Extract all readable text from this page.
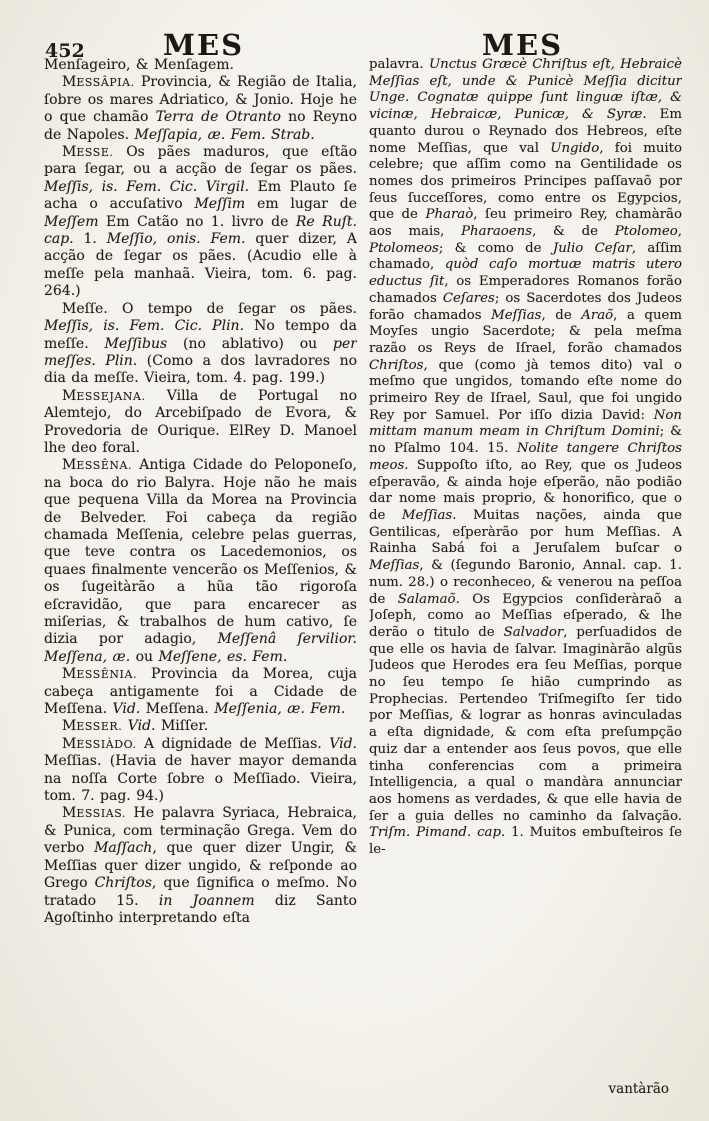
MES	MES
452

Menſageiro, & Menſagem.

MESSÂPIA. Provincia, & Região de Italia, ſobre os mares Adriatico, & Jonio. Hoje he o que chamão Terra de Otranto no Reyno de Napoles. Meſſapia, æ. Fem. Strab.

MESSE. Os pães maduros, que eſtão para ſegar, ou a acção de ſegar os pães. Meſſis, is. Fem. Cic. Virgil. Em Plauto ſe acha o accuſativo Meſſim em lugar de Meſſem Em Catão no 1. livro de Re Ruſt. cap. 1. Meſſio, onis. Fem. quer dizer, A acção de ſegar os pães. (Acudio elle à meſſe pela manhaã. Vieira, tom. 6. pag. 264.)

Meſſe. O tempo de ſegar os pães. Meſſis, is. Fem. Cic. Plin. No tempo da meſſe. Meſſibus (no ablativo) ou per meſſes. Plin. (Como a dos lavradores no dia da meſſe. Vieira, tom. 4. pag. 199.)

MESSEJANA. Villa de Portugal no Alemtejo, do Arcebiſpado de Evora, & Provedoria de Ourique. ElRey D. Manoel lhe deo foral.

MESSÊNA. Antiga Cidade do Peloponeſo, na boca do rio Balyra. Hoje não he mais que pequena Villa da Morea na Provincia de Belveder. Foi cabeça da região chamada Meſſenia, celebre pelas guerras, que teve contra os Lacedemonios, os quaes finalmente vencerão os Meſſenios, & os ſugeitàrão a hũa tão rigoroſa eſcravidão, que para encarecer as miſerias, & trabalhos de hum cativo, ſe dizia por adagio, Meſſenâ ſervilior. Meſſena, æ. ou Meſſene, es. Fem.

MESSÊNIA. Provincia da Morea, cuja cabeça antigamente foi a Cidade de Meſſena. Vid. Meſſena. Meſſenia, æ. Fem.

MESSER. Vid. Miſſer.

MESSIÀDO. A dignidade de Meſſias. Vid. Meſſias. (Havia de haver mayor demanda na noſſa Corte ſobre o Meſſiado. Vieira, tom. 7. pag. 94.)

MESSIAS. He palavra Syriaca, Hebraica, & Punica, com terminação Grega. Vem do verbo Maſſach, que quer dizer Ungir, & Meſſias quer dizer ungido, & reſponde ao Grego Chriſtos, que ſignifica o meſmo. No tratado 15. in Joannem diz Santo Agoſtinho interpretando eſta

palavra. Unctus Græcè Chriſtus eſt, Hebraicè Meſſias eſt, unde & Punicè Meſſia dicitur Unge. Cognatæ quippe ſunt linguæ iſtæ, & vicinæ, Hebraicæ, Punicæ, & Syræ. Em quanto durou o Reynado dos Hebreos, eſte nome Meſſias, que val Ungido, foi muito celebre; que aſſim como na Gentilidade os nomes dos primeiros Principes paſſavaõ por ſeus ſucceſſores, como entre os Egypcios, que de Pharaò, ſeu primeiro Rey, chamàrão aos mais, Pharaoens, & de Ptolomeo, Ptolomeos; & como de Julio Ceſar, aſſim chamado, quòd caſo mortuæ matris utero eductus ſit, os Emperadores Romanos forão chamados Ceſares; os Sacerdotes dos Judeos forão chamados Meſſias, de Araõ, a quem Moyſes ungio Sacerdote; & pela meſma razão os Reys de Iſrael, forão chamados Chriſtos, que (como jà temos dito) val o meſmo que ungidos, tomando eſte nome do primeiro Rey de Iſrael, Saul, que foi ungido Rey por Samuel. Por iſſo dizia David: Non mittam manum meam in Chriſtum Domini; & no Pſalmo 104. 15. Nolite tangere Chriſtos meos. Suppoſto iſto, ao Rey, que os Judeos eſperavão, & ainda hoje eſperão, não podião dar nome mais proprio, & honorifico, que o de Meſſias. Muitas nações, ainda que Gentilicas, eſperàrão por hum Meſſias. A Rainha Sabá foi a Jeruſalem buſcar o Meſſias, & (ſegundo Baronio, Annal. cap. 1. num. 28.) o reconheceo, & venerou na peſſoa de Salamaõ. Os Egypcios conſideràraõ a Joſeph, como ao Meſſias eſperado, & lhe derão o titulo de Salvador, perſuadidos de que elle os havia de ſalvar. Imaginàrão algũs Judeos que Herodes era ſeu Meſſias, porque no ſeu tempo ſe hião cumprindo as Prophecias. Pertendeo Triſmegiſto ſer tido por Meſſias, & lograr as honras avinculadas a eſta dignidade, & com eſta preſumpção quiz dar a entender aos ſeus povos, que elle tinha conferencias com a primeira Intelligencia, a qual o mandàra annunciar aos homens as verdades, & que elle havia de ſer a guia delles no caminho da ſalvação. Triſm. Pimand. cap. 1. Muitos embuſteiros ſe le-

vantàrão
